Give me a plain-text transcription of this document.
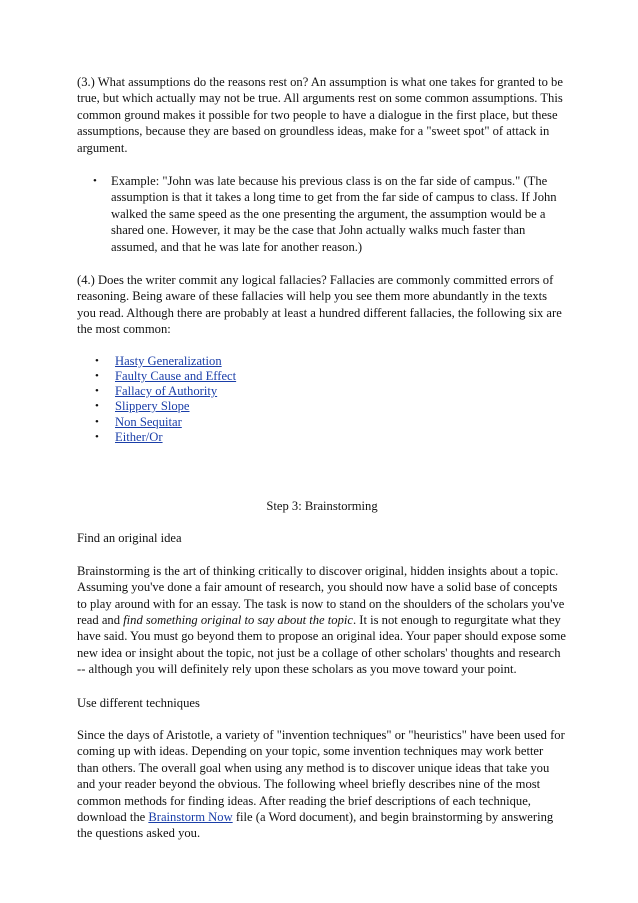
(3.) What assumptions do the reasons rest on? An assumption is what one takes for granted to be true, but which actually may not be true. All arguments rest on some common assumptions. This common ground makes it possible for two people to have a dialogue in the first place, but these assumptions, because they are based on groundless ideas, make for a "sweet spot" of attack in argument.

• Example: "John was late because his previous class is on the far side of campus." (The assumption is that it takes a long time to get from the far side of campus to class. If John walked the same speed as the one presenting the argument, the assumption would be a shared one. However, it may be the case that John actually walks much faster than assumed, and that he was late for another reason.)

(4.) Does the writer commit any logical fallacies? Fallacies are commonly committed errors of reasoning. Being aware of these fallacies will help you see them more abundantly in the texts you read. Although there are probably at least a hundred different fallacies, the following six are the most common:

• Hasty Generalization
• Faulty Cause and Effect
• Fallacy of Authority
• Slippery Slope
• Non Sequitar
• Either/Or

Step 3: Brainstorming

Find an original idea

Brainstorming is the art of thinking critically to discover original, hidden insights about a topic. Assuming you've done a fair amount of research, you should now have a solid base of concepts to play around with for an essay. The task is now to stand on the shoulders of the scholars you've read and find something original to say about the topic. It is not enough to regurgitate what they have said. You must go beyond them to propose an original idea. Your paper should expose some new idea or insight about the topic, not just be a collage of other scholars' thoughts and research -- although you will definitely rely upon these scholars as you move toward your point.

Use different techniques

Since the days of Aristotle, a variety of "invention techniques" or "heuristics" have been used for coming up with ideas. Depending on your topic, some invention techniques may work better than others. The overall goal when using any method is to discover unique ideas that take you and your reader beyond the obvious. The following wheel briefly describes nine of the most common methods for finding ideas. After reading the brief descriptions of each technique, download the Brainstorm Now file (a Word document), and begin brainstorming by answering the questions asked you.
